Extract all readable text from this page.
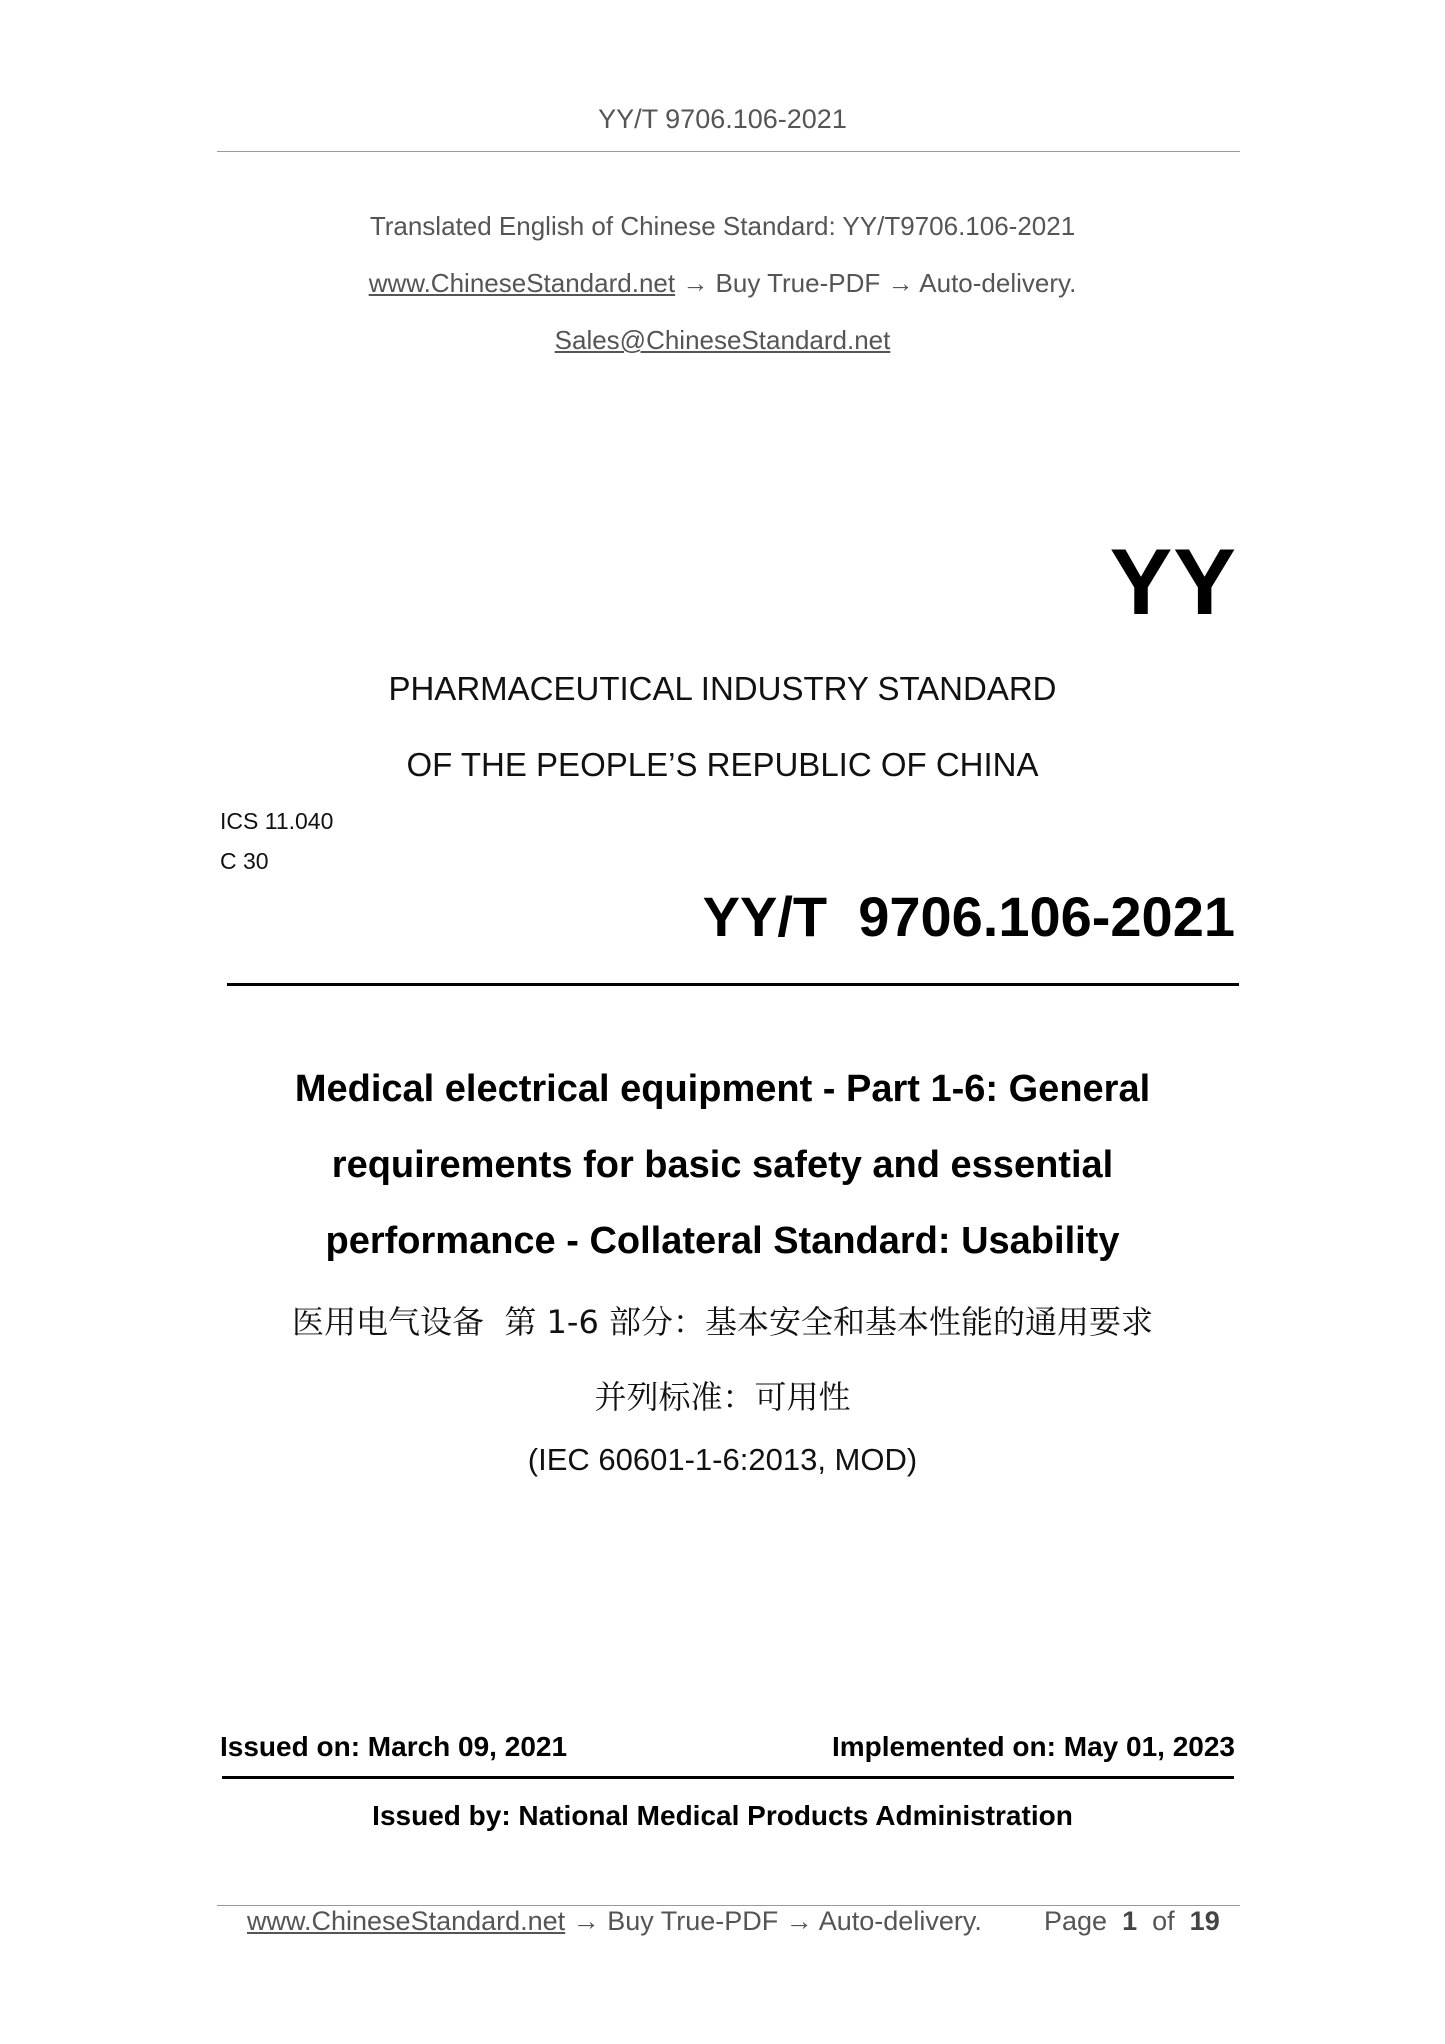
YY/T 9706.106-2021
Translated English of Chinese Standard: YY/T9706.106-2021
www.ChineseStandard.net → Buy True-PDF → Auto-delivery.
Sales@ChineseStandard.net
YY
PHARMACEUTICAL INDUSTRY STANDARD
OF THE PEOPLE’S REPUBLIC OF CHINA
ICS 11.040
C 30
YY/T  9706.106-2021
Medical electrical equipment - Part 1-6: General
requirements for basic safety and essential
performance - Collateral Standard: Usability
医用电气设备  第 1-6 部分：基本安全和基本性能的通用要求
并列标准：可用性
(IEC 60601-1-6:2013, MOD)
Issued on: March 09, 2021	Implemented on: May 01, 2023
Issued by: National Medical Products Administration
www.ChineseStandard.net → Buy True-PDF → Auto-delivery. Page 1 of 19
